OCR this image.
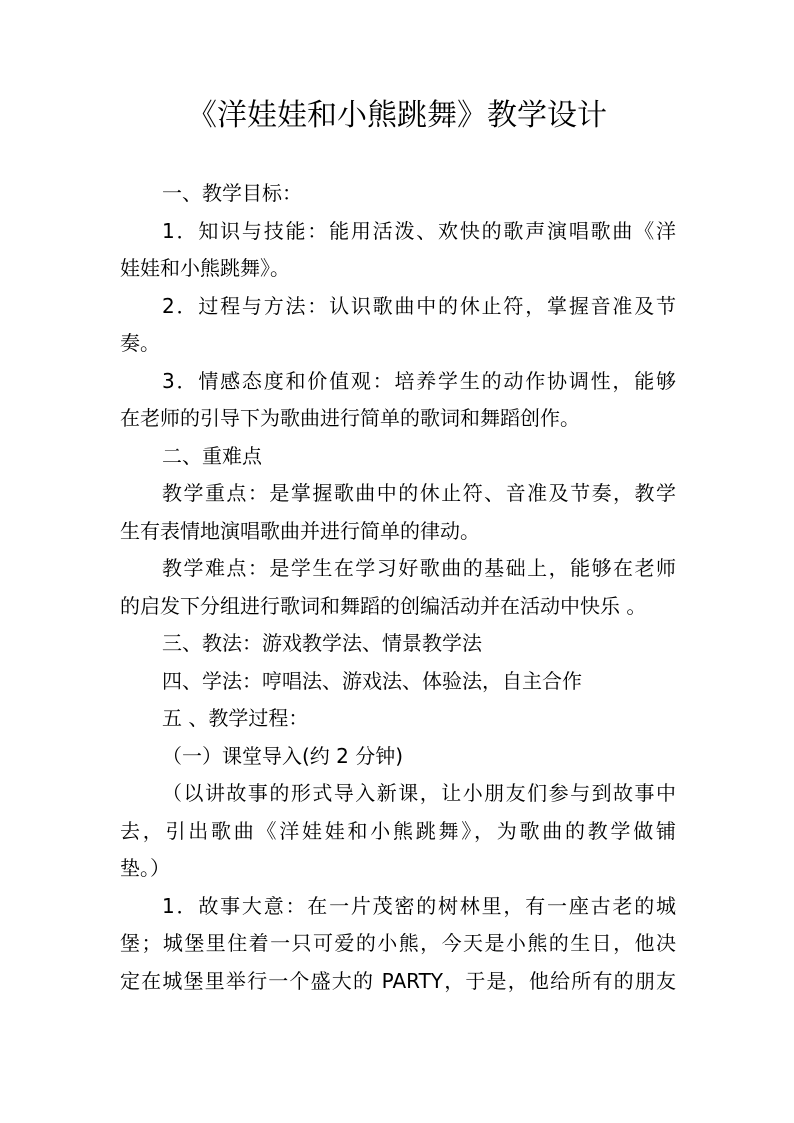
《洋娃娃和小熊跳舞》教学设计
一、教学目标：
1．知识与技能：能用活泼、欢快的歌声演唱歌曲《洋
娃娃和小熊跳舞》。
2．过程与方法：认识歌曲中的休止符，掌握音准及节
奏。
3．情感态度和价值观：培养学生的动作协调性，能够
在老师的引导下为歌曲进行简单的歌词和舞蹈创作。
二、重难点
教学重点：是掌握歌曲中的休止符、音准及节奏，教学
生有表情地演唱歌曲并进行简单的律动。
教学难点：是学生在学习好歌曲的基础上，能够在老师
的启发下分组进行歌词和舞蹈的创编活动并在活动中快乐 。
三、教法：游戏教学法、情景教学法
四、学法：哼唱法、游戏法、体验法，自主合作
五 、教学过程：
（一）课堂导入(约 2 分钟)
（以讲故事的形式导入新课，让小朋友们参与到故事中
去，引出歌曲《洋娃娃和小熊跳舞》，为歌曲的教学做铺
垫。）
1．故事大意：在一片茂密的树林里，有一座古老的城
堡；城堡里住着一只可爱的小熊，今天是小熊的生日，他决
定在城堡里举行一个盛大的 PARTY，于是，他给所有的朋友
